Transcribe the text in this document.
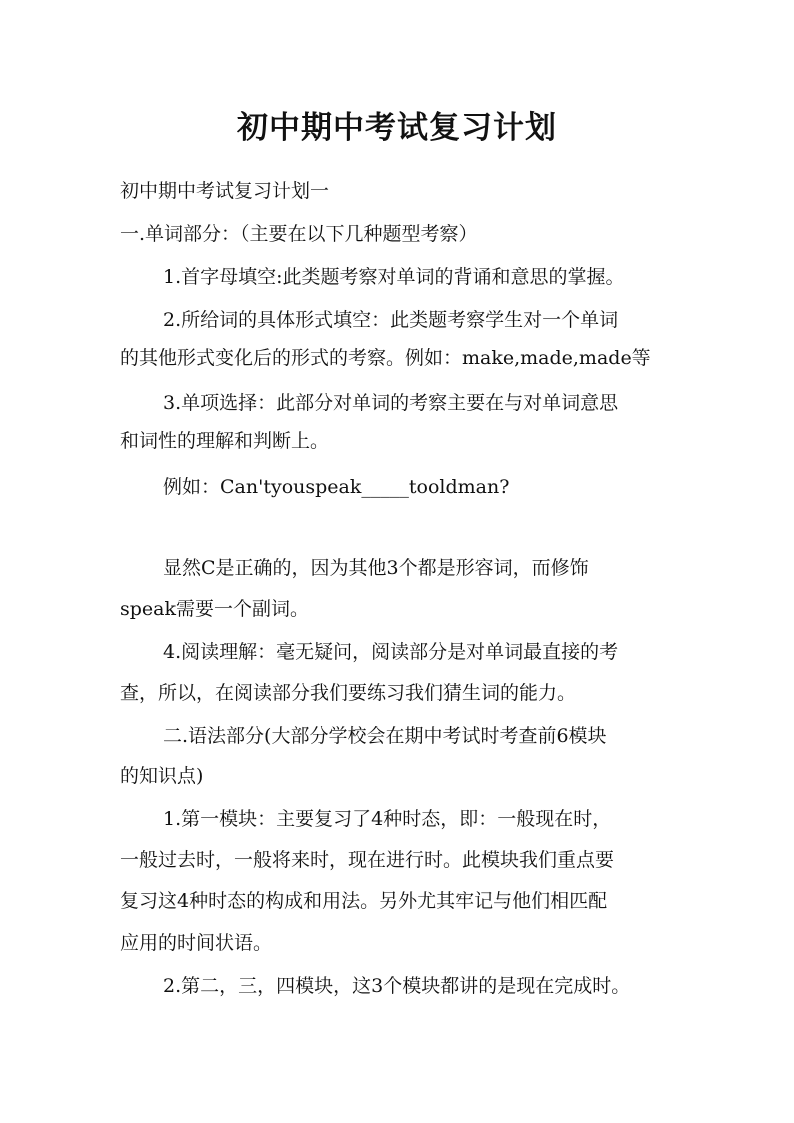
初中期中考试复习计划
初中期中考试复习计划一
一.单词部分：（主要在以下几种题型考察）
1.首字母填空:此类题考察对单词的背诵和意思的掌握。
2.所给词的具体形式填空：此类题考察学生对一个单词
的其他形式变化后的形式的考察。例如：make,made,made等
3.单项选择：此部分对单词的考察主要在与对单词意思
和词性的理解和判断上。
例如：Can'tyouspeak_____tooldman?
显然C是正确的，因为其他3个都是形容词，而修饰
speak需要一个副词。
4.阅读理解：毫无疑问，阅读部分是对单词最直接的考
查，所以，在阅读部分我们要练习我们猜生词的能力。
二.语法部分(大部分学校会在期中考试时考查前6模块
的知识点)
1.第一模块：主要复习了4种时态，即：一般现在时，
一般过去时，一般将来时，现在进行时。此模块我们重点要
复习这4种时态的构成和用法。另外尤其牢记与他们相匹配
应用的时间状语。
2.第二，三，四模块，这3个模块都讲的是现在完成时。
